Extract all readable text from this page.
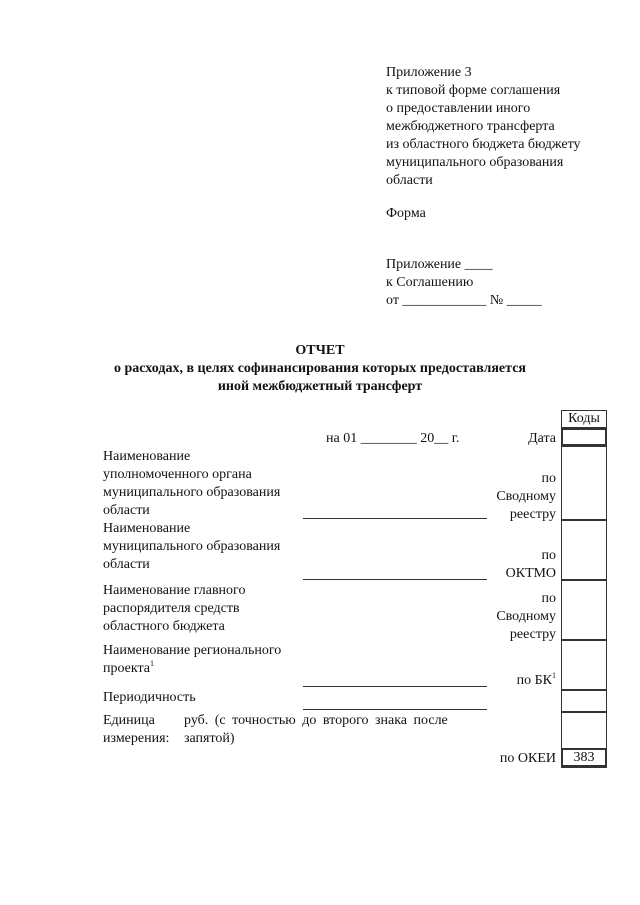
Приложение 3
к типовой форме соглашения
о предоставлении иного
межбюджетного трансферта
из областного бюджета бюджету
муниципального образования
области
Форма
Приложение ____
к Соглашению
от ____________ № _____
ОТЧЕТ
о расходах, в целях софинансирования которых предоставляется
иной межбюджетный трансферт
Коды
383
на 01 ________ 20__ г.	Дата
Наименование
уполномоченного органа
муниципального образования
области
по
Сводному
реестру
Наименование
муниципального образования
области
по
ОКТМО
Наименование главного
распорядителя средств
областного бюджета
по
Сводному
реестру
Наименование регионального
проекта$^1$
по $БК^1$
Периодичность
Единица
измерения:
руб. (с точностью до второго знака после
запятой)
по ОКЕИ
